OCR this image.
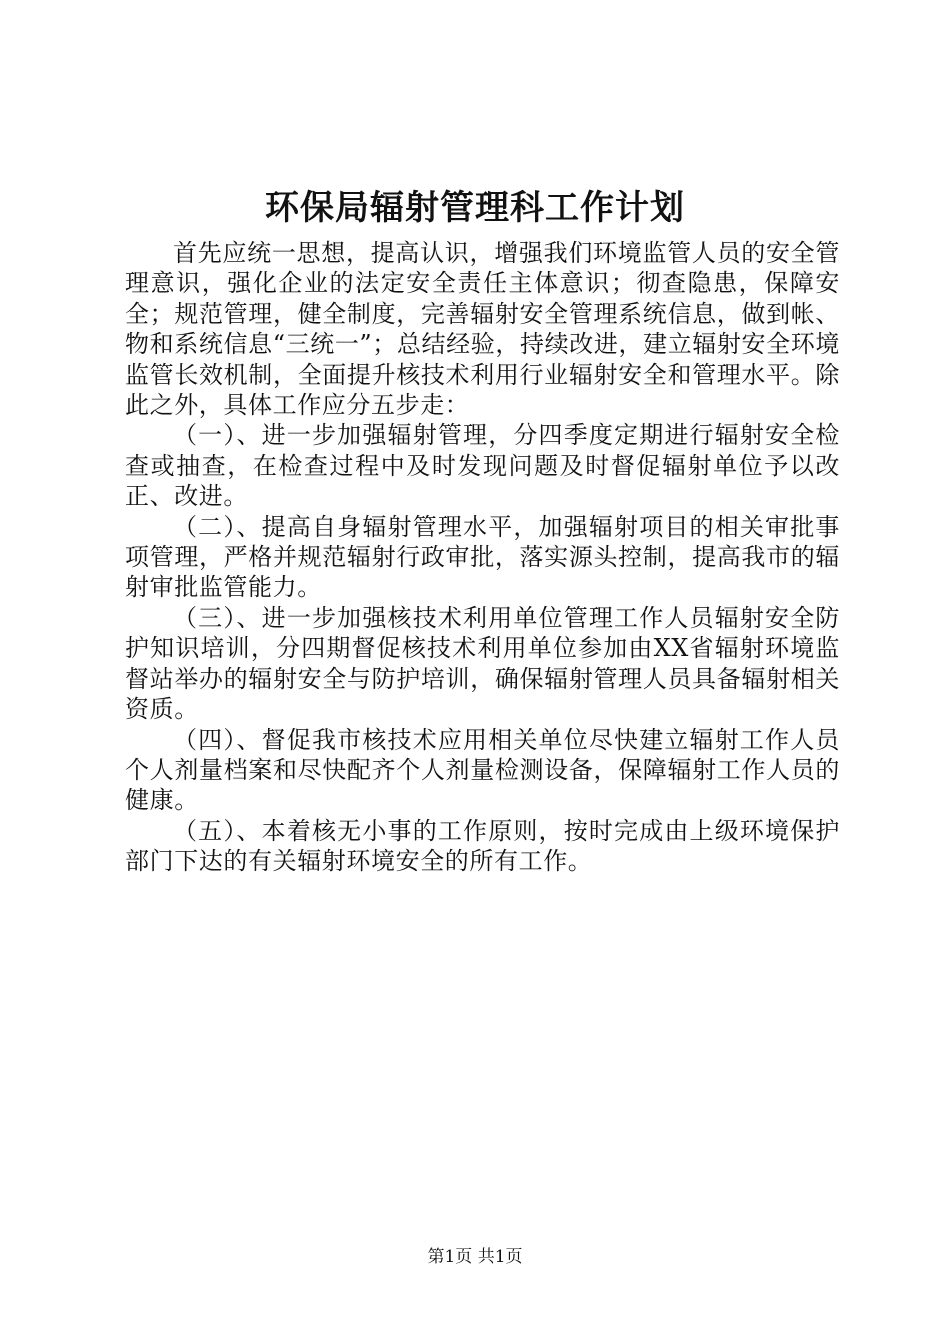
环保局辐射管理科工作计划

首先应统一思想，提高认识，增强我们环境监管人员的安全管理意识，强化企业的法定安全责任主体意识；彻查隐患，保障安全；规范管理，健全制度，完善辐射安全管理系统信息，做到帐、物和系统信息“三统一”；总结经验，持续改进，建立辐射安全环境监管长效机制，全面提升核技术利用行业辐射安全和管理水平。除此之外，具体工作应分五步走：

（一）、进一步加强辐射管理，分四季度定期进行辐射安全检查或抽查，在检查过程中及时发现问题及时督促辐射单位予以改正、改进。

（二）、提高自身辐射管理水平，加强辐射项目的相关审批事项管理，严格并规范辐射行政审批，落实源头控制，提高我市的辐射审批监管能力。

（三）、进一步加强核技术利用单位管理工作人员辐射安全防护知识培训，分四期督促核技术利用单位参加由XX省辐射环境监督站举办的辐射安全与防护培训，确保辐射管理人员具备辐射相关资质。

（四）、督促我市核技术应用相关单位尽快建立辐射工作人员个人剂量档案和尽快配齐个人剂量检测设备，保障辐射工作人员的健康。

（五）、本着核无小事的工作原则，按时完成由上级环境保护部门下达的有关辐射环境安全的所有工作。

第1页 共1页
